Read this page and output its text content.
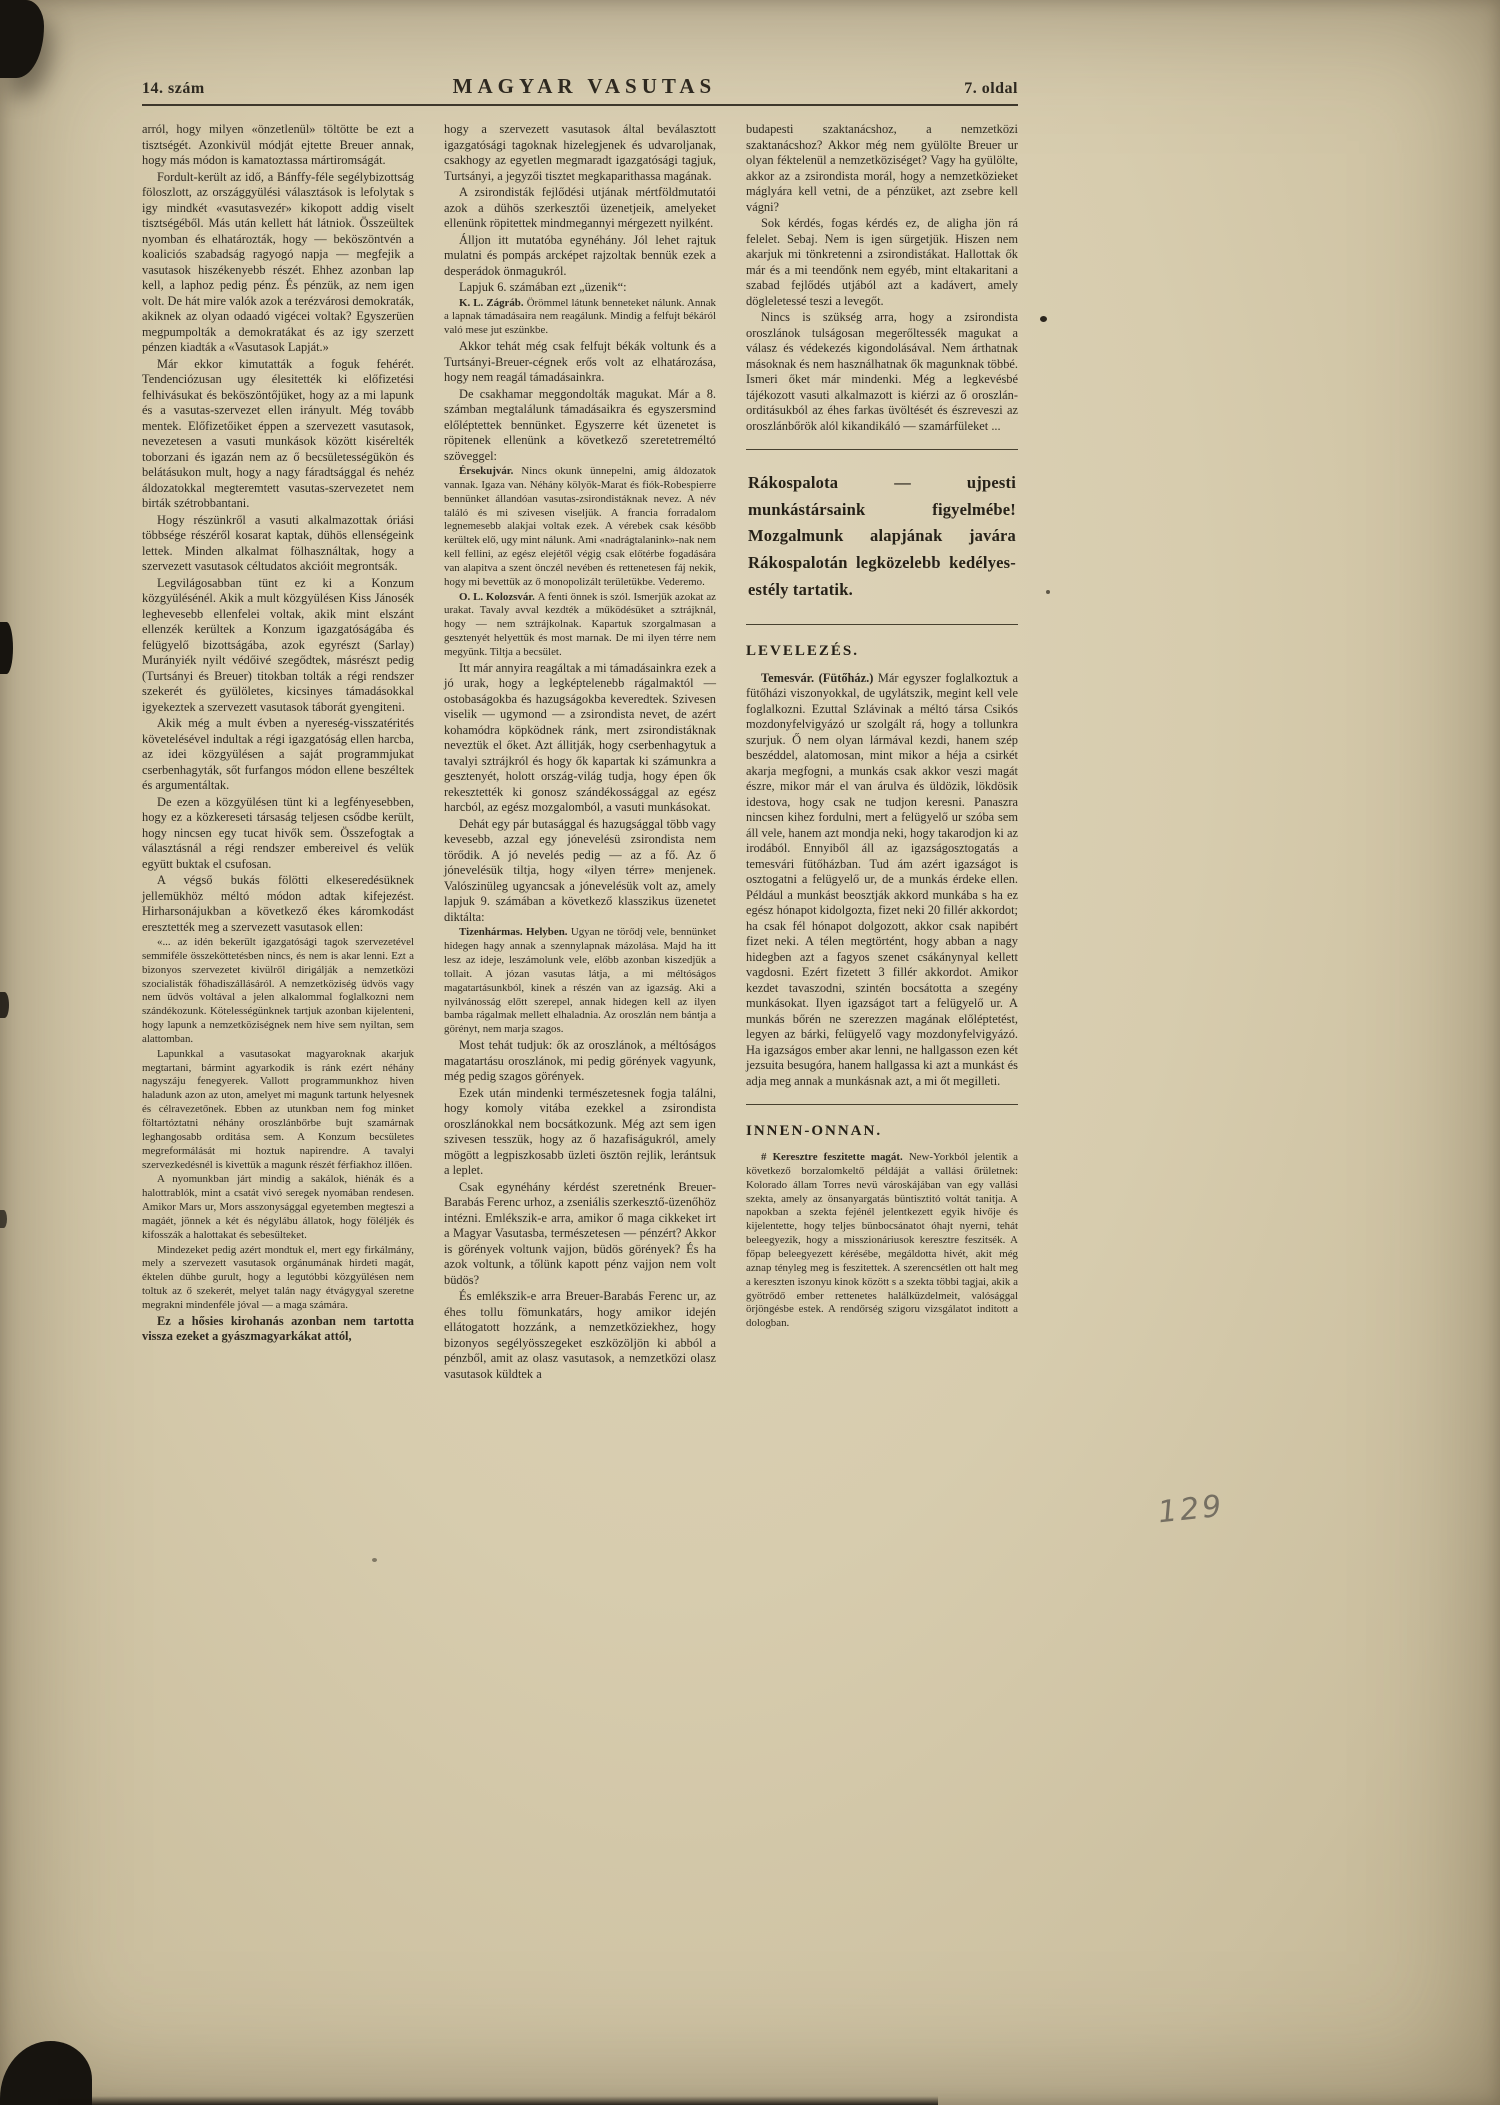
14. szám	MAGYAR VASUTAS	7. oldal

arról, hogy milyen «önzetlenül» töltötte be ezt a tisztségét. Azonkivül módját ejtette Breuer annak, hogy más módon is kamatoztassa mártiromságát.

Fordult-került az idő, a Bánffy-féle segélybizottság föloszlott, az országgyülési választások is lefolytak s igy mindkét «vasutasvezér» kikopott addig viselt tisztségéből. Más után kellett hát látniok. Összeültek nyomban és elhatározták, hogy — beköszöntvén a koaliciós szabadság ragyogó napja — megfejik a vasutasok hiszékenyebb részét. Ehhez azonban lap kell, a laphoz pedig pénz. És pénzük, az nem igen volt. De hát mire valók azok a terézvárosi demokraták, akiknek az olyan odaadó vigécei voltak? Egyszerüen megpumpolták a demokratákat és az igy szerzett pénzen kiadták a «Vasutasok Lapját.»

Már ekkor kimutatták a foguk fehérét. Tendenciózusan ugy élesitették ki előfizetési felhivásukat és beköszöntőjüket, hogy az a mi lapunk és a vasutas-szervezet ellen irányult. Még tovább mentek. Előfizetőiket éppen a szervezett vasutasok, nevezetesen a vasuti munkások között kisérelték toborzani és igazán nem az ő becsületességükön és belátásukon mult, hogy a nagy fáradtsággal és nehéz áldozatokkal megteremtett vasutas-szervezetet nem birták szétrobbantani.

Hogy részünkről a vasuti alkalmazottak óriási többsége részéről kosarat kaptak, dühös ellenségeink lettek. Minden alkalmat fölhasználtak, hogy a szervezett vasutasok céltudatos akcióit megrontsák.

Legvilágosabban tünt ez ki a Konzum közgyülésénél. Akik a mult közgyülésen Kiss Jánosék leghevesebb ellenfelei voltak, akik mint elszánt ellenzék kerültek a Konzum igazgatóságába és felügyelő bizottságába, azok egyrészt (Sarlay) Murányiék nyilt védőivé szegődtek, másrészt pedig (Turtsányi és Breuer) titokban tolták a régi rendszer szekerét és gyülöletes, kicsinyes támadásokkal igyekeztek a szervezett vasutasok táborát gyengiteni.

Akik még a mult évben a nyereség-visszatérités követelésével indultak a régi igazgatóság ellen harcba, az idei közgyülésen a saját programmjukat cserbenhagyták, sőt furfangos módon ellene beszéltek és argumentáltak.

De ezen a közgyülésen tünt ki a legfényesebben, hogy ez a közkereseti társaság teljesen csődbe került, hogy nincsen egy tucat hivők sem. Összefogtak a választásnál a régi rendszer embereivel és velük együtt buktak el csufosan.

A végső bukás fölötti elkeseredésüknek jellemükhöz méltó módon adtak kifejezést. Hirharsonájukban a következő ékes káromkodást eresztették meg a szervezett vasutasok ellen:

«... az idén bekerült igazgatósági tagok szervezetével semmiféle összeköttetésben nincs, és nem is akar lenni. Ezt a bizonyos szervezetet kivülről dirigálják a nemzetközi szocialisták főhadiszállásáról. A nemzetköziség üdvös vagy nem üdvös voltával a jelen alkalommal foglalkozni nem szándékozunk. Kötelességünknek tartjuk azonban kijelenteni, hogy lapunk a nemzetköziségnek nem hive sem nyiltan, sem alattomban.

Lapunkkal a vasutasokat magyaroknak akarjuk megtartani, bármint agyarkodik is ránk ezért néhány nagyszáju fenegyerek. Vallott programmunkhoz hiven haladunk azon az uton, amelyet mi magunk tartunk helyesnek és célravezetőnek. Ebben az utunkban nem fog minket föltartóztatni néhány oroszlánbőrbe bujt szamárnak leghangosabb orditása sem. A Konzum becsületes megreformálását mi hoztuk napirendre. A tavalyi szervezkedésnél is kivettük a magunk részét férfiakhoz illően.

A nyomunkban járt mindig a sakálok, hiénák és a halottrablók, mint a csatát vivó seregek nyomában rendesen. Amikor Mars ur, Mors asszonysággal egyetemben megteszi a magáét, jönnek a két és négylábu állatok, hogy föléljék és kifosszák a halottakat és sebesülteket.

Mindezeket pedig azért mondtuk el, mert egy firkálmány, mely a szervezett vasutasok orgánumának hirdeti magát, éktelen dühbe gurult, hogy a legutóbbi közgyülésen nem toltuk az ő szekerét, melyet talán nagy étvágygyal szeretne megrakni mindenféle jóval — a maga számára.

Ez a hősies kirohanás azonban nem tartotta vissza ezeket a gyászmagyarkákat attól,

hogy a szervezett vasutasok által beválasztott igazgatósági tagoknak hizelegjenek és udvaroljanak, csakhogy az egyetlen megmaradt igazgatósági tagjuk, Turtsányi, a jegyzői tisztet megkaparithassa magának.

A zsirondisták fejlődési utjának mértföldmutatói azok a dühös szerkesztői üzenetjeik, amelyeket ellenünk röpitettek mindmegannyi mérgezett nyilként.

Álljon itt mutatóba egynéhány. Jól lehet rajtuk mulatni és pompás arcképet rajzoltak bennük ezek a desperádok önmagukról.

Lapjuk 6. számában ezt „üzenik“:

K. L. Zágráb. Örömmel látunk benneteket nálunk. Annak a lapnak támadásaira nem reagálunk. Mindig a felfujt békáról való mese jut eszünkbe.

Akkor tehát még csak felfujt békák voltunk és a Turtsányi-Breuer-cégnek erős volt az elhatározása, hogy nem reagál támadásainkra.

De csakhamar meggondolták magukat. Már a 8. számban megtalálunk támadásaikra és egyszersmind előléptettek bennünket. Egyszerre két üzenetet is röpitenek ellenünk a következő szeretetreméltó szöveggel:

Érsekujvár. Nincs okunk ünnepelni, amig áldozatok vannak. Igaza van. Néhány kölyök-Marat és fiók-Robespierre bennünket állandóan vasutas-zsirondistáknak nevez. A név találó és mi szivesen viseljük. A francia forradalom legnemesebb alakjai voltak ezek. A vérebek csak később kerültek elő, ugy mint nálunk. Ami «nadrágtalanink»-nak nem kell fellini, az egész elejétől végig csak előtérbe fogadására van alapitva a szent önczél nevében és rettenetesen fáj nekik, hogy mi bevettük az ő monopolizált területükbe. Vederemo.

O. L. Kolozsvár. A fenti önnek is szól. Ismerjük azokat az urakat. Tavaly avval kezdték a működésüket a sztrájknál, hogy — nem sztrájkolnak. Kapartuk szorgalmasan a gesztenyét helyettük és most marnak. De mi ilyen térre nem megyünk. Tiltja a becsület.

Itt már annyira reagáltak a mi támadásainkra ezek a jó urak, hogy a legképtelenebb rágalmaktól — ostobaságokba és hazugságokba keveredtek. Szivesen viselik — ugymond — a zsirondista nevet, de azért kohamódra köpködnek ránk, mert zsirondistáknak neveztük el őket. Azt állitják, hogy cserbenhagytuk a tavalyi sztrájkról és hogy ők kapartak ki számunkra a gesztenyét, holott ország-világ tudja, hogy épen ők rekesztették ki gonosz szándékossággal az egész harcból, az egész mozgalomból, a vasuti munkásokat.

Dehát egy pár butasággal és hazugsággal több vagy kevesebb, azzal egy jónevelésü zsirondista nem törődik. A jó nevelés pedig — az a fő. Az ő jónevelésük tiltja, hogy «ilyen térre» menjenek. Valószinüleg ugyancsak a jónevelésük volt az, amely lapjuk 9. számában a következő klasszikus üzenetet diktálta:

Tizenhármas. Helyben. Ugyan ne törődj vele, bennünket hidegen hagy annak a szennylapnak mázolása. Majd ha itt lesz az ideje, leszámolunk vele, előbb azonban kiszedjük a tollait. A józan vasutas látja, a mi méltóságos magatartásunkból, kinek a részén van az igazság. Aki a nyilvánosság előtt szerepel, annak hidegen kell az ilyen bamba rágalmak mellett elhaladnia. Az oroszlán nem bántja a görényt, nem marja szagos.

Most tehát tudjuk: ők az oroszlánok, a méltóságos magatartásu oroszlánok, mi pedig görények vagyunk, még pedig szagos görények.

Ezek után mindenki természetesnek fogja találni, hogy komoly vitába ezekkel a zsirondista oroszlánokkal nem bocsátkozunk. Még azt sem igen szivesen tesszük, hogy az ő hazafiságukról, amely mögött a legpiszkosabb üzleti ösztön rejlik, lerántsuk a leplet.

Csak egynéhány kérdést szeretnénk Breuer-Barabás Ferenc urhoz, a zseniális szerkesztő-üzenőhöz intézni. Emlékszik-e arra, amikor ő maga cikkeket irt a Magyar Vasutasba, természetesen — pénzért? Akkor is görények voltunk vajjon, büdös görények? És ha azok voltunk, a tőlünk kapott pénz vajjon nem volt büdös?

És emlékszik-e arra Breuer-Barabás Ferenc ur, az éhes tollu fömunkatárs, hogy amikor idején ellátogatott hozzánk, a nemzetköziekhez, hogy bizonyos segélyösszegeket eszközöljön ki abból a pénzből, amit az olasz vasutasok, a nemzetközi olasz vasutasok küldtek a

budapesti szaktanácshoz, a nemzetközi szaktanácshoz? Akkor még nem gyülölte Breuer ur olyan féktelenül a nemzetköziséget? Vagy ha gyülölte, akkor az a zsirondista morál, hogy a nemzetközieket máglyára kell vetni, de a pénzüket, azt zsebre kell vágni?

Sok kérdés, fogas kérdés ez, de aligha jön rá felelet. Sebaj. Nem is igen sürgetjük. Hiszen nem akarjuk mi tönkretenni a zsirondistákat. Hallottak ők már és a mi teendőnk nem egyéb, mint eltakaritani a szabad fejlődés utjából azt a kadávert, amely dögleletessé teszi a levegőt.

Nincs is szükség arra, hogy a zsirondista oroszlánok tulságosan megerőltessék magukat a válasz és védekezés kigondolásával. Nem árthatnak másoknak és nem használhatnak ők magunknak többé. Ismeri őket már mindenki. Még a legkevésbé tájékozott vasuti alkalmazott is kiérzi az ő oroszlán-orditásukból az éhes farkas üvöltését és észreveszi az oroszlánbőrök alól kikandikáló — szamárfüleket ...

Rákospalota — ujpesti munkástársaink figyelmébe! Mozgalmunk alapjának javára Rákospalotán legközelebb kedélyes-estély tartatik.

LEVELEZÉS.

Temesvár. (Fütőház.) Már egyszer foglalkoztuk a fütőházi viszonyokkal, de ugylátszik, megint kell vele foglalkozni. Ezuttal Szlávinak a méltó társa Csikós mozdonyfelvigyázó ur szolgált rá, hogy a tollunkra szurjuk. Ő nem olyan lármával kezdi, hanem szép beszéddel, alatomosan, mint mikor a héja a csirkét akarja megfogni, a munkás csak akkor veszi magát észre, mikor már el van árulva és üldözik, lökdösik idestova, hogy csak ne tudjon keresni. Panaszra nincsen kihez fordulni, mert a felügyelő ur szóba sem áll vele, hanem azt mondja neki, hogy takarodjon ki az irodából. Ennyiből áll az igazságosztogatás a temesvári fütőházban. Tud ám azért igazságot is osztogatni a felügyelő ur, de a munkás érdeke ellen. Például a munkást beosztják akkord munkába s ha ez egész hónapot kidolgozta, fizet neki 20 fillér akkordot; ha csak fél hónapot dolgozott, akkor csak napibért fizet neki. A télen megtörtént, hogy abban a nagy hidegben azt a fagyos szenet csákánynyal kellett vagdosni. Ezért fizetett 3 fillér akkordot. Amikor kezdet tavaszodni, szintén bocsátotta a szegény munkásokat. Ilyen igazságot tart a felügyelő ur. A munkás bőrén ne szerezzen magának előléptetést, legyen az bárki, felügyelő vagy mozdonyfelvigyázó. Ha igazságos ember akar lenni, ne hallgasson ezen két jezsuita besugóra, hanem hallgassa ki azt a munkást és adja meg annak a munkásnak azt, a mi őt megilleti.

INNEN-ONNAN.

# Keresztre feszitette magát. New-Yorkból jelentik a következő borzalomkeltő példáját a vallási őrületnek: Kolorado állam Torres nevü városkájában van egy vallási szekta, amely az önsanyargatás büntisztitó voltát tanitja. A napokban a szekta fejénél jelentkezett egyik hivője és kijelentette, hogy teljes bünbocsánatot óhajt nyerni, tehát beleegyezik, hogy a misszionáriusok keresztre feszitsék. A főpap beleegyezett kérésébe, megáldotta hivét, akit még aznap tényleg meg is feszitettek. A szerencsétlen ott halt meg a kereszten iszonyu kinok között s a szekta többi tagjai, akik a gyötrődő ember rettenetes halálküzdelmeit, valósággal örjöngésbe estek. A rendőrség szigoru vizsgálatot inditott a dologban.

129
